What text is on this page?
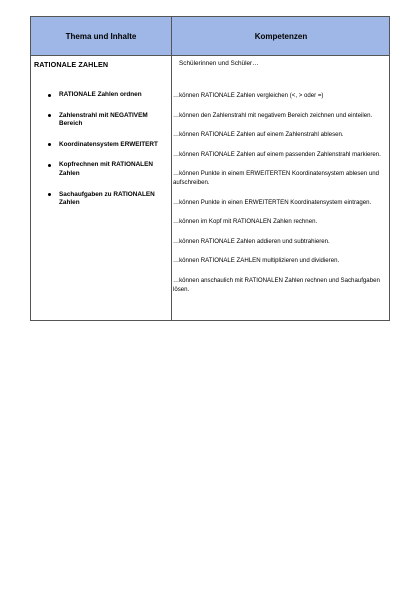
Thema und Inhalte	Kompetenzen
RATIONALE ZAHLEN
RATIONALE Zahlen ordnen
Zahlenstrahl mit NEGATIVEM Bereich
Koordinatensystem ERWEITERT
Kopfrechnen mit RATIONALEN Zahlen
Sachaufgaben zu RATIONALEN Zahlen
Schülerinnen und Schüler…
…können RATIONALE Zahlen vergleichen (<, > oder =)
…können den Zahlenstrahl mit negativem Bereich zeichnen und einteilen.
…können RATIONALE Zahlen auf einem Zahlenstrahl ablesen.
…können RATIONALE Zahlen auf einem passenden Zahlenstrahl markieren.
…können Punkte in einem ERWEITERTEN Koordinatensystem ablesen und aufschreiben.
…können Punkte in einen ERWEITERTEN Koordinatensystem eintragen.
…können im Kopf mit RATIONALEN Zahlen rechnen.
…können RATIONALE Zahlen addieren und subtrahieren.
…können RATIONALE ZAHLEN multiplizieren und dividieren.
…können anschaulich mit RATIONALEN Zahlen rechnen und Sachaufgaben lösen.
